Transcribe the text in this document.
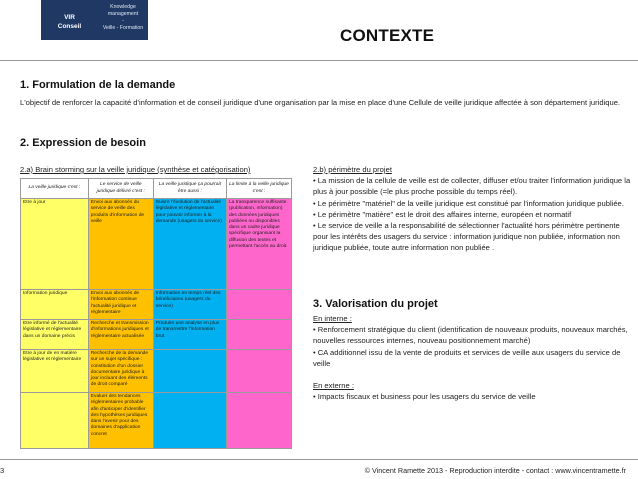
VIR
Conseil
Knowledge
management
-
Veille - Formation	CONTEXTE
1. Formulation de la demande
L'objectif de renforcer la capacité d'information et de conseil juridique d'une organisation par la mise en place d'une Cellule de veille juridique affectée à son département juridique.
2. Expression de besoin
2.a) Brain storming sur la veille juridique (synthèse et catégorisation)
La veille juridique c'est :	Le service de veille juridique délivré c'est :	La veille juridique ça pourrait être aussi :	La limite à la veille juridique c'est :
Etre à jour	Envoi aux abonnés du service de veille des produits d'information de veille	Suivre l'évolution de l'actualité législative et réglementaire pour pouvoir informer à la demande (usagers du service)	La transparence suffisante (publication, information) des données juridiques publiées ou disponibles dans un cadre juridique spécifique organisant la diffusion des textes et permettant l'accès au droit.
Information juridique	Envoi aux abonnés de l'information continue l'actualité juridique et réglementaire	Information en temps réel des bénéficiaires (usagers du service)	
Etre informé de l'actualité législative et réglementaire dans un domaine précis	Recherche et transmission d'informations juridiques et réglementaire actualisée	Produire une analyse en plus de transmettre l'information brut	
Etre à jour de en matière législative et réglementaire	Recherche de la demande sur un sujet spécifique : constitution d'un dossier documentaire juridique à jour incluant des éléments de droit comparé		
	Evaluer des tendances réglementaires probable afin d'anticiper d'identifier des hypothèses juridiques dans l'avenir pour des domaines d'application concret		
2.b) périmètre du projet
• La mission de la cellule de veille est de collecter, diffuser et/ou traiter l'information juridique la plus à jour possible (=le plus proche possible du temps réel).
• Le périmètre "matériel" de la veille juridique est constitué par l'information juridique publiée.
• Le périmètre "matière" est le droit des affaires interne, européen et normatif
• Le service de veille a la responsabilité de sélectionner l'actualité hors périmètre pertinente pour les intérêts des usagers du service : information juridique non publiée, information non juridique publiée, toute autre information non publiée .
3. Valorisation du projet
En interne :
• Renforcement stratégique du client (identification de nouveaux produits, nouveaux marchés, nouvelles ressources internes, nouveau positionnement marché)
• CA additionnel issu de la vente de produits et services de veille aux usagers du service de veille
En externe :
• Impacts fiscaux et business pour les usagers du service de veille
3	© Vincent Ramette 2013 - Reproduction interdite - contact : www.vincentramette.fr
